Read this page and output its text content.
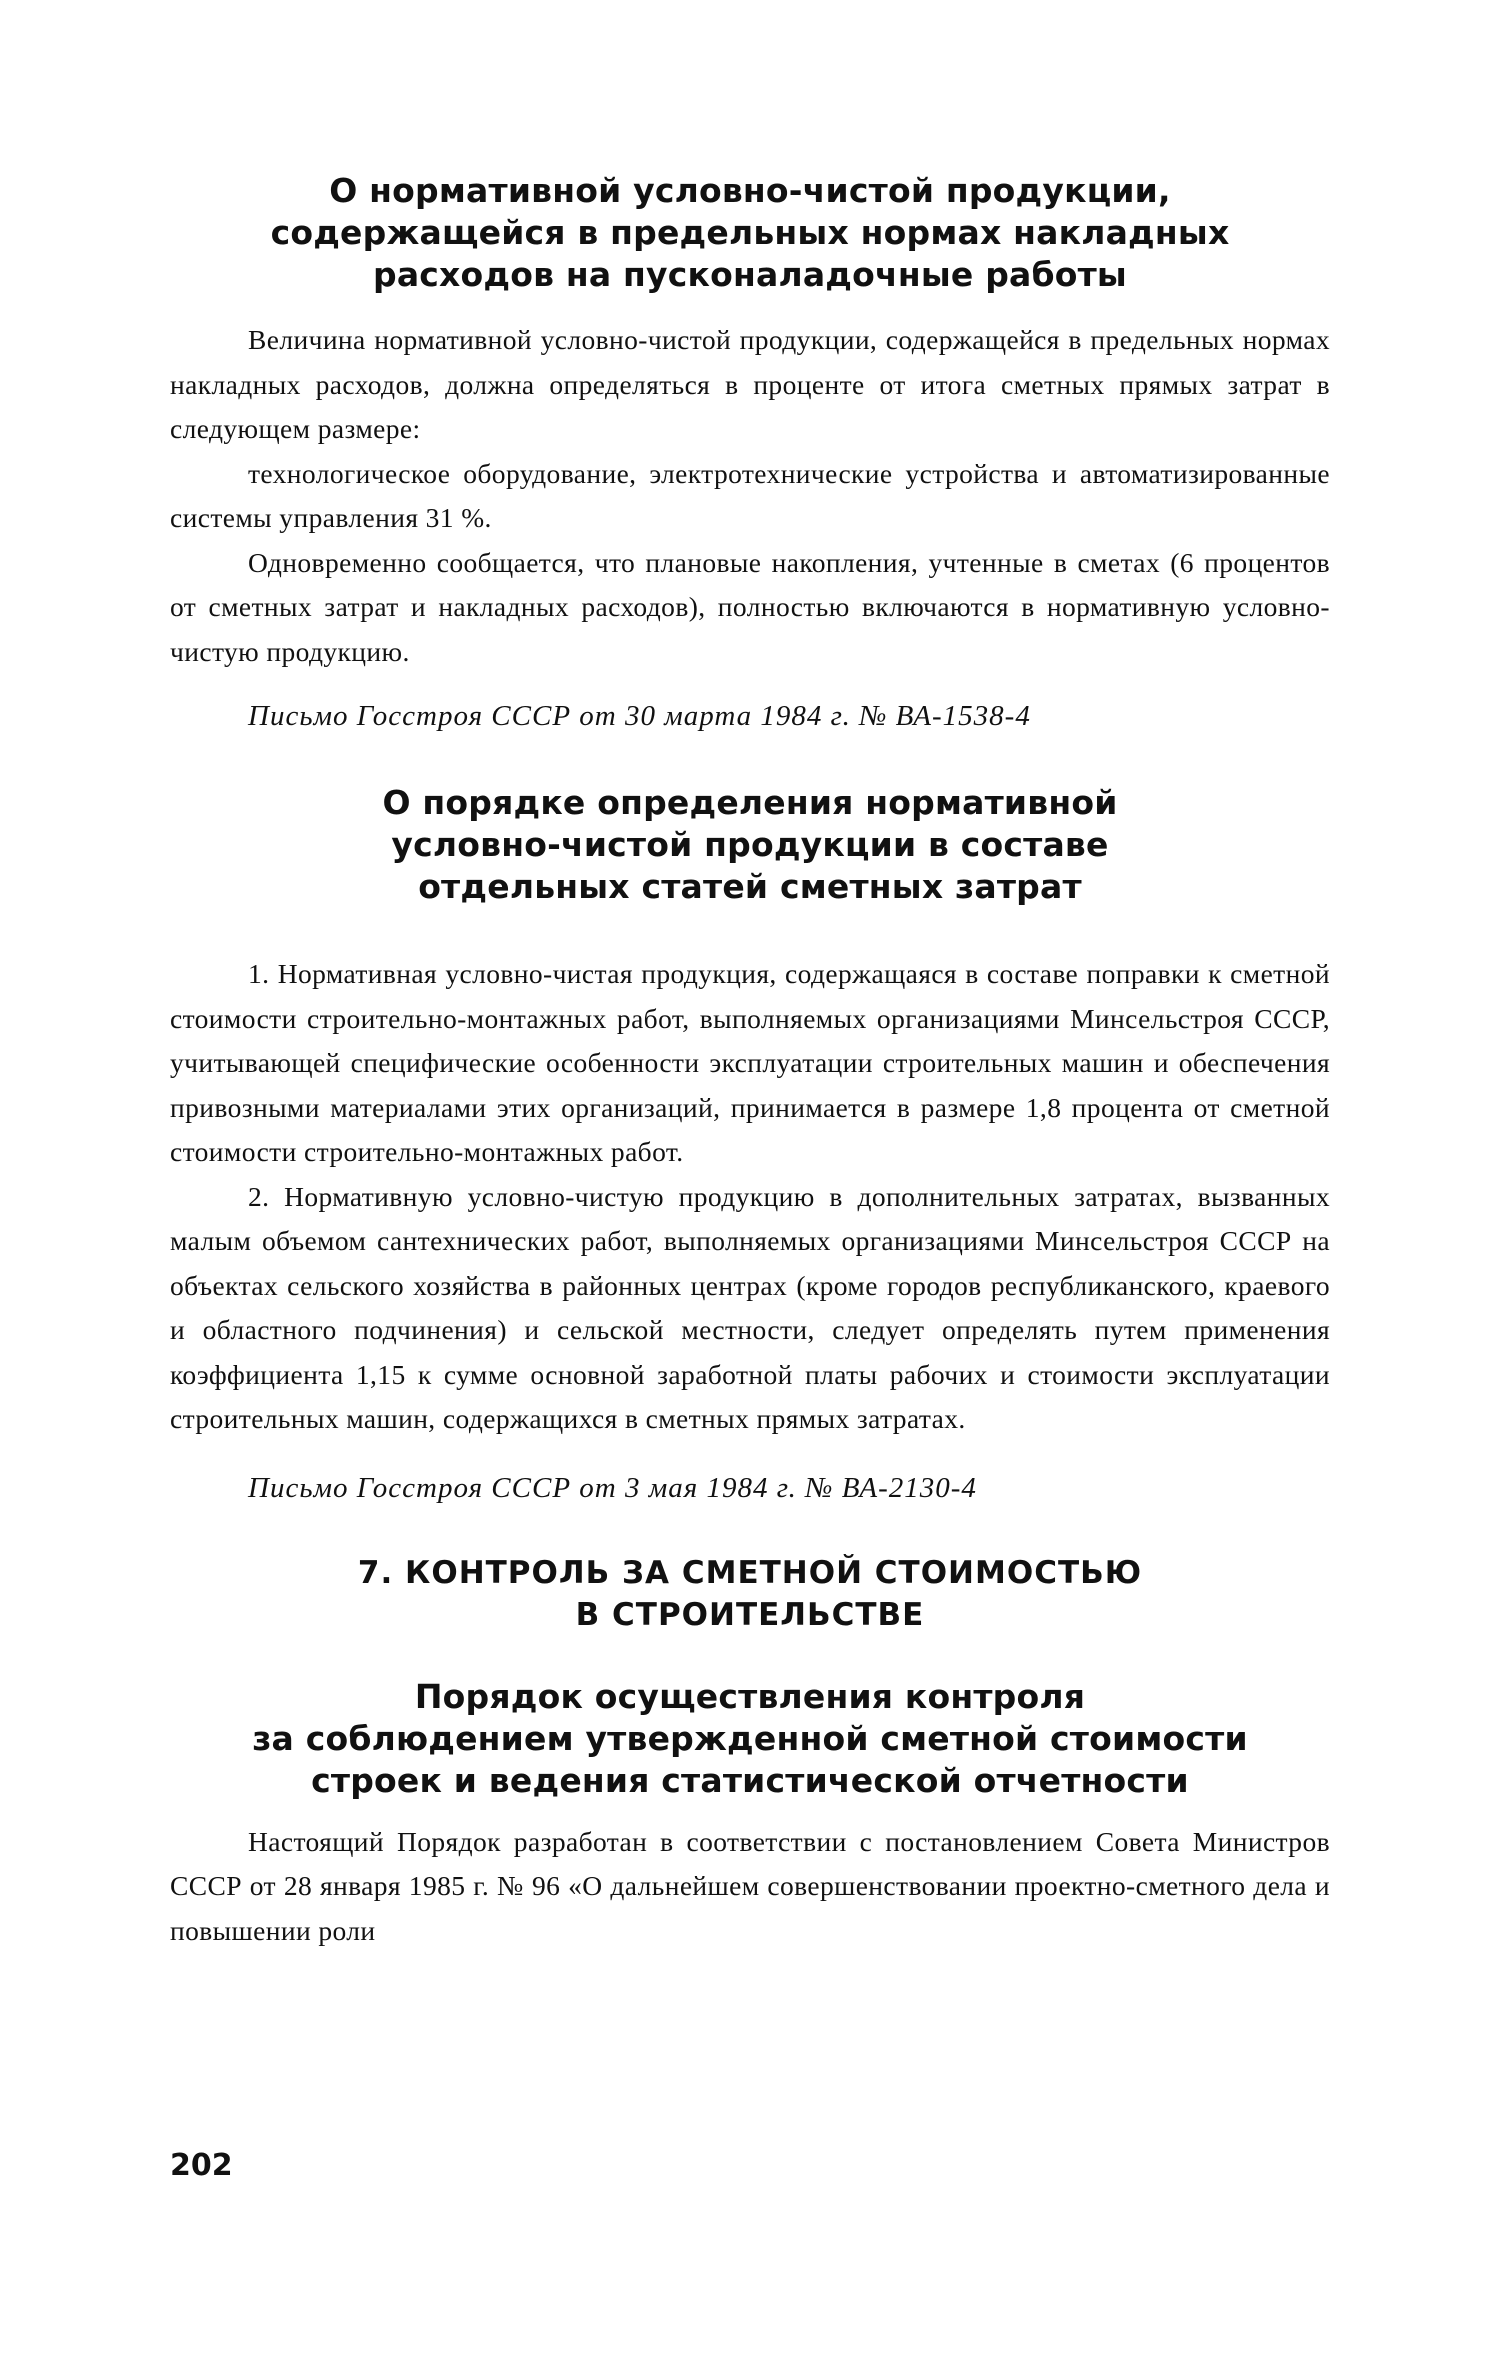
О нормативной условно-чистой продукции,
содержащейся в предельных нормах накладных
расходов на пусконаладочные работы

Величина нормативной условно-чистой продукции, содержащейся в предельных нормах накладных расходов, должна определяться в проценте от итога сметных прямых затрат в следующем размере:

технологическое оборудование, электротехнические устройства и автоматизированные системы управления 31 %.

Одновременно сообщается, что плановые накопления, учтенные в сметах (6 процентов от сметных затрат и накладных расходов), полностью включаются в нормативную условно-чистую продукцию.

Письмо Госстроя СССР от 30 марта 1984 г. № ВА-1538-4

О порядке определения нормативной
условно-чистой продукции в составе
отдельных статей сметных затрат

1. Нормативная условно-чистая продукция, содержащаяся в составе поправки к сметной стоимости строительно-монтажных работ, выполняемых организациями Минсельстроя СССР, учитывающей специфические особенности эксплуатации строительных машин и обеспечения привозными материалами этих организаций, принимается в размере 1,8 процента от сметной стоимости строительно-монтажных работ.

2. Нормативную условно-чистую продукцию в дополнительных затратах, вызванных малым объемом сантехнических работ, выполняемых организациями Минсельстроя СССР на объектах сельского хозяйства в районных центрах (кроме городов республиканского, краевого и областного подчинения) и сельской местности, следует определять путем применения коэффициента 1,15 к сумме основной заработной платы рабочих и стоимости эксплуатации строительных машин, содержащихся в сметных прямых затратах.

Письмо Госстроя СССР от 3 мая 1984 г. № ВА-2130-4

7. КОНТРОЛЬ ЗА СМЕТНОЙ СТОИМОСТЬЮ
В СТРОИТЕЛЬСТВЕ
Порядок осуществления контроля
за соблюдением утвержденной сметной стоимости
строек и ведения статистической отчетности

Настоящий Порядок разработан в соответствии с постановлением Совета Министров СССР от 28 января 1985 г. № 96 «О дальнейшем совершенствовании проектно-сметного дела и повышении роли

202
